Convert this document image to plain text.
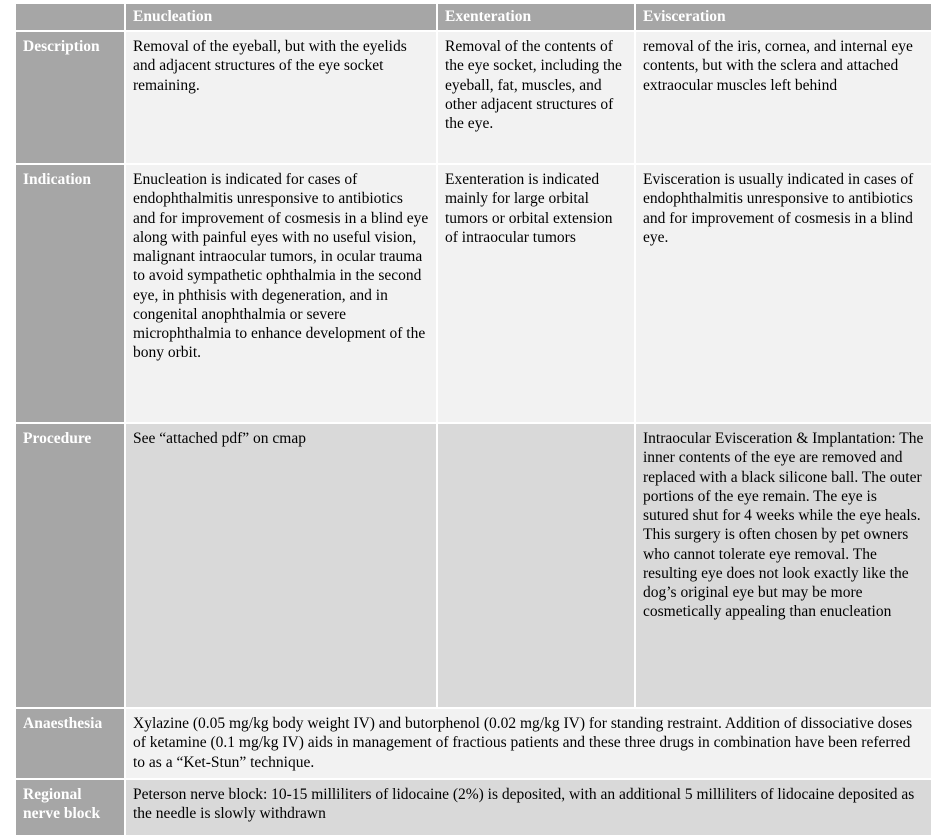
	Enucleation	Exenteration	Evisceration
Description	Removal of the eyeball, but with the eyelids and adjacent structures of the eye socket remaining.	Removal of the contents of the eye socket, including the eyeball, fat, muscles, and other adjacent structures of the eye.	removal of the iris, cornea, and internal eye contents, but with the sclera and attached extraocular muscles left behind

Indication	Enucleation is indicated for cases of endophthalmitis unresponsive to antibiotics and for improvement of cosmesis in a blind eye along with painful eyes with no useful vision, malignant intraocular tumors, in ocular trauma to avoid sympathetic ophthalmia in the second eye, in phthisis with degeneration, and in congenital anophthalmia or severe microphthalmia to enhance development of the bony orbit.	Exenteration is indicated mainly for large orbital tumors or orbital extension of intraocular tumors	Evisceration is usually indicated in cases of endophthalmitis unresponsive to antibiotics and for improvement of cosmesis in a blind eye.

Procedure	See “attached pdf” on cmap		Intraocular Evisceration & Implantation: The inner contents of the eye are removed and replaced with a black silicone ball. The outer portions of the eye remain. The eye is sutured shut for 4 weeks while the eye heals. This surgery is often chosen by pet owners who cannot tolerate eye removal. The resulting eye does not look exactly like the dog’s original eye but may be more cosmetically appealing than enucleation

Anaesthesia	Xylazine (0.05 mg/kg body weight IV) and butorphenol (0.02 mg/kg IV) for standing restraint. Addition of dissociative doses of ketamine (0.1 mg/kg IV) aids in management of fractious patients and these three drugs in combination have been referred to as a “Ket-Stun” technique.		

Regional nerve block	Peterson nerve block: 10-15 milliliters of lidocaine (2%) is deposited, with an additional 5 milliliters of lidocaine deposited as the needle is slowly withdrawn		
